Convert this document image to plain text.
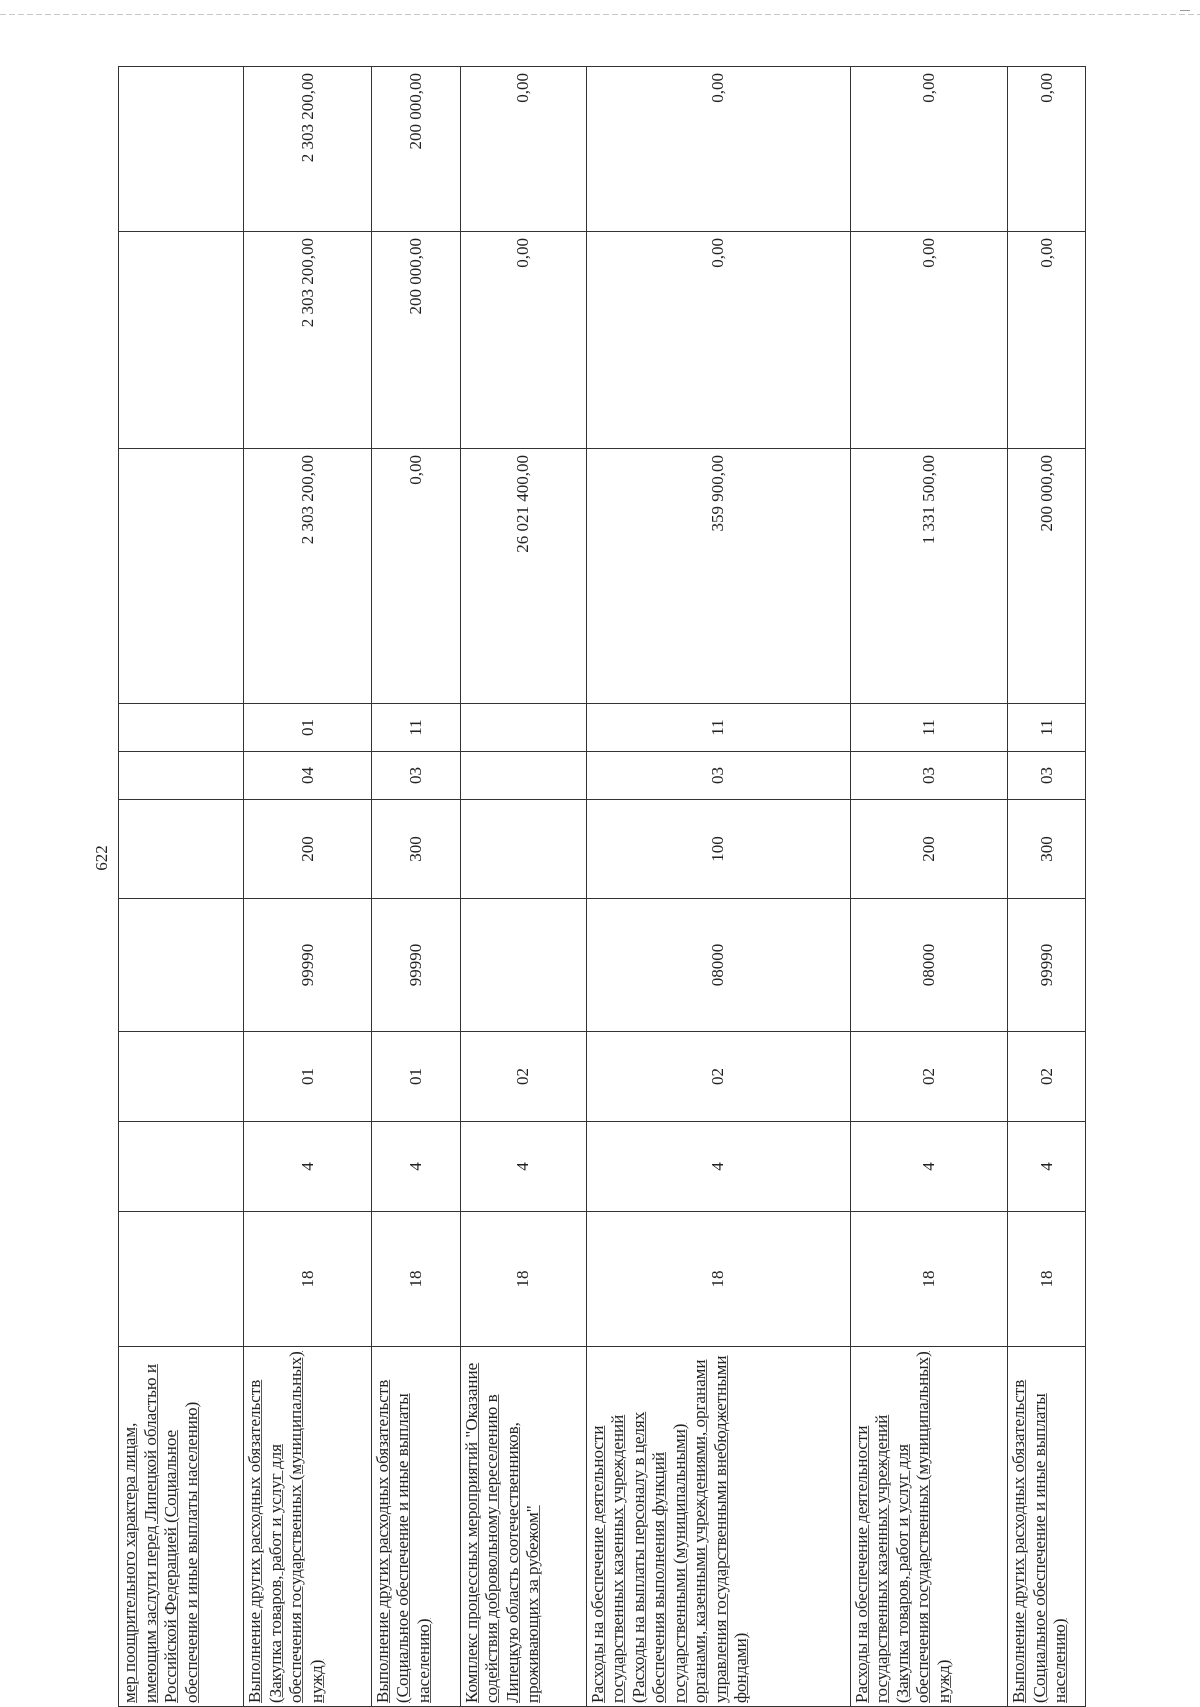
622
мер поощрительного характера лицам, имеющим заслуги перед Липецкой областью и Российской Федерацией (Социальное обеспечение и иные выплаты населению)										
Выполнение других расходных обязательств (Закупка товаров, работ и услуг для обеспечения государственных (муниципальных) нужд)	18	4	01	99990	200	04	01	2 303 200,00	2 303 200,00	2 303 200,00
Выполнение других расходных обязательств (Социальное обеспечение и иные выплаты населению)	18	4	01	99990	300	03	11	0,00	200 000,00	200 000,00
Комплекс процессных мероприятий "Оказание содействия добровольному переселению в Липецкую область соотечественников, проживающих за рубежом"	18	4	02					26 021 400,00	0,00	0,00
Расходы на обеспечение деятельности государственных казенных учреждений (Расходы на выплаты персоналу в целях обеспечения выполнения функций государственными (муниципальными) органами, казенными учреждениями, органами управления государственными внебюджетными фондами)	18	4	02	08000	100	03	11	359 900,00	0,00	0,00
Расходы на обеспечение деятельности государственных казенных учреждений (Закупка товаров, работ и услуг для обеспечения государственных (муниципальных) нужд)	18	4	02	08000	200	03	11	1 331 500,00	0,00	0,00
Выполнение других расходных обязательств (Социальное обеспечение и иные выплаты населению)	18	4	02	99990	300	03	11	200 000,00	0,00	0,00
